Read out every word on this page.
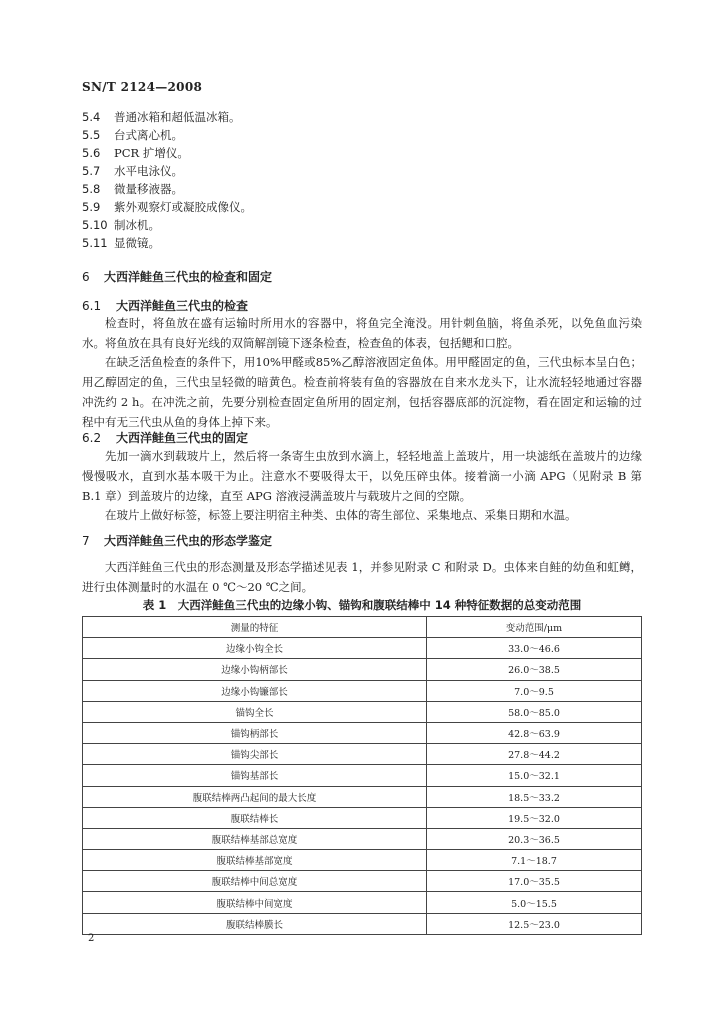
SN/T 2124—2008
5.4 普通冰箱和超低温冰箱。
5.5 台式离心机。
5.6 PCR 扩增仪。
5.7 水平电泳仪。
5.8 微量移液器。
5.9 紫外观察灯或凝胶成像仪。
5.10 制冰机。
5.11 显微镜。
6 大西洋鲑鱼三代虫的检查和固定
6.1 大西洋鲑鱼三代虫的检查
检查时，将鱼放在盛有运输时所用水的容器中，将鱼完全淹没。用针刺鱼脑，将鱼杀死，以免鱼血污染水。将鱼放在具有良好光线的双筒解剖镜下逐条检查，检查鱼的体表，包括鳃和口腔。
在缺乏活鱼检查的条件下，用10%甲醛或85%乙醇溶液固定鱼体。用甲醛固定的鱼，三代虫标本呈白色；用乙醇固定的鱼，三代虫呈轻微的暗黄色。检查前将装有鱼的容器放在自来水龙头下，让水流轻轻地通过容器冲洗约 2 h。在冲洗之前，先要分别检查固定鱼所用的固定剂，包括容器底部的沉淀物，看在固定和运输的过程中有无三代虫从鱼的身体上掉下来。
6.2 大西洋鲑鱼三代虫的固定
先加一滴水到载玻片上，然后将一条寄生虫放到水滴上，轻轻地盖上盖玻片，用一块滤纸在盖玻片的边缘慢慢吸水，直到水基本吸干为止。注意水不要吸得太干，以免压碎虫体。接着滴一小滴 APG（见附录 B 第 B.1 章）到盖玻片的边缘，直至 APG 溶液浸满盖玻片与载玻片之间的空隙。
在玻片上做好标签，标签上要注明宿主种类、虫体的寄生部位、采集地点、采集日期和水温。
7 大西洋鲑鱼三代虫的形态学鉴定
大西洋鲑鱼三代虫的形态测量及形态学描述见表 1，并参见附录 C 和附录 D。虫体来自鲑的幼鱼和虹鳟，进行虫体测量时的水温在 0 ℃～20 ℃之间。
表 1　大西洋鲑鱼三代虫的边缘小钩、锚钩和腹联结棒中 14 种特征数据的总变动范围
测量的特征	变动范围/μm
边缘小钩全长	33.0～46.6
边缘小钩柄部长	26.0～38.5
边缘小钩镰部长	7.0～9.5
锚钩全长	58.0～85.0
锚钩柄部长	42.8～63.9
锚钩尖部长	27.8～44.2
锚钩基部长	15.0～32.1
腹联结棒两凸起间的最大长度	18.5～33.2
腹联结棒长	19.5～32.0
腹联结棒基部总宽度	20.3～36.5
腹联结棒基部宽度	7.1～18.7
腹联结棒中间总宽度	17.0～35.5
腹联结棒中间宽度	5.0～15.5
腹联结棒膜长	12.5～23.0
2
